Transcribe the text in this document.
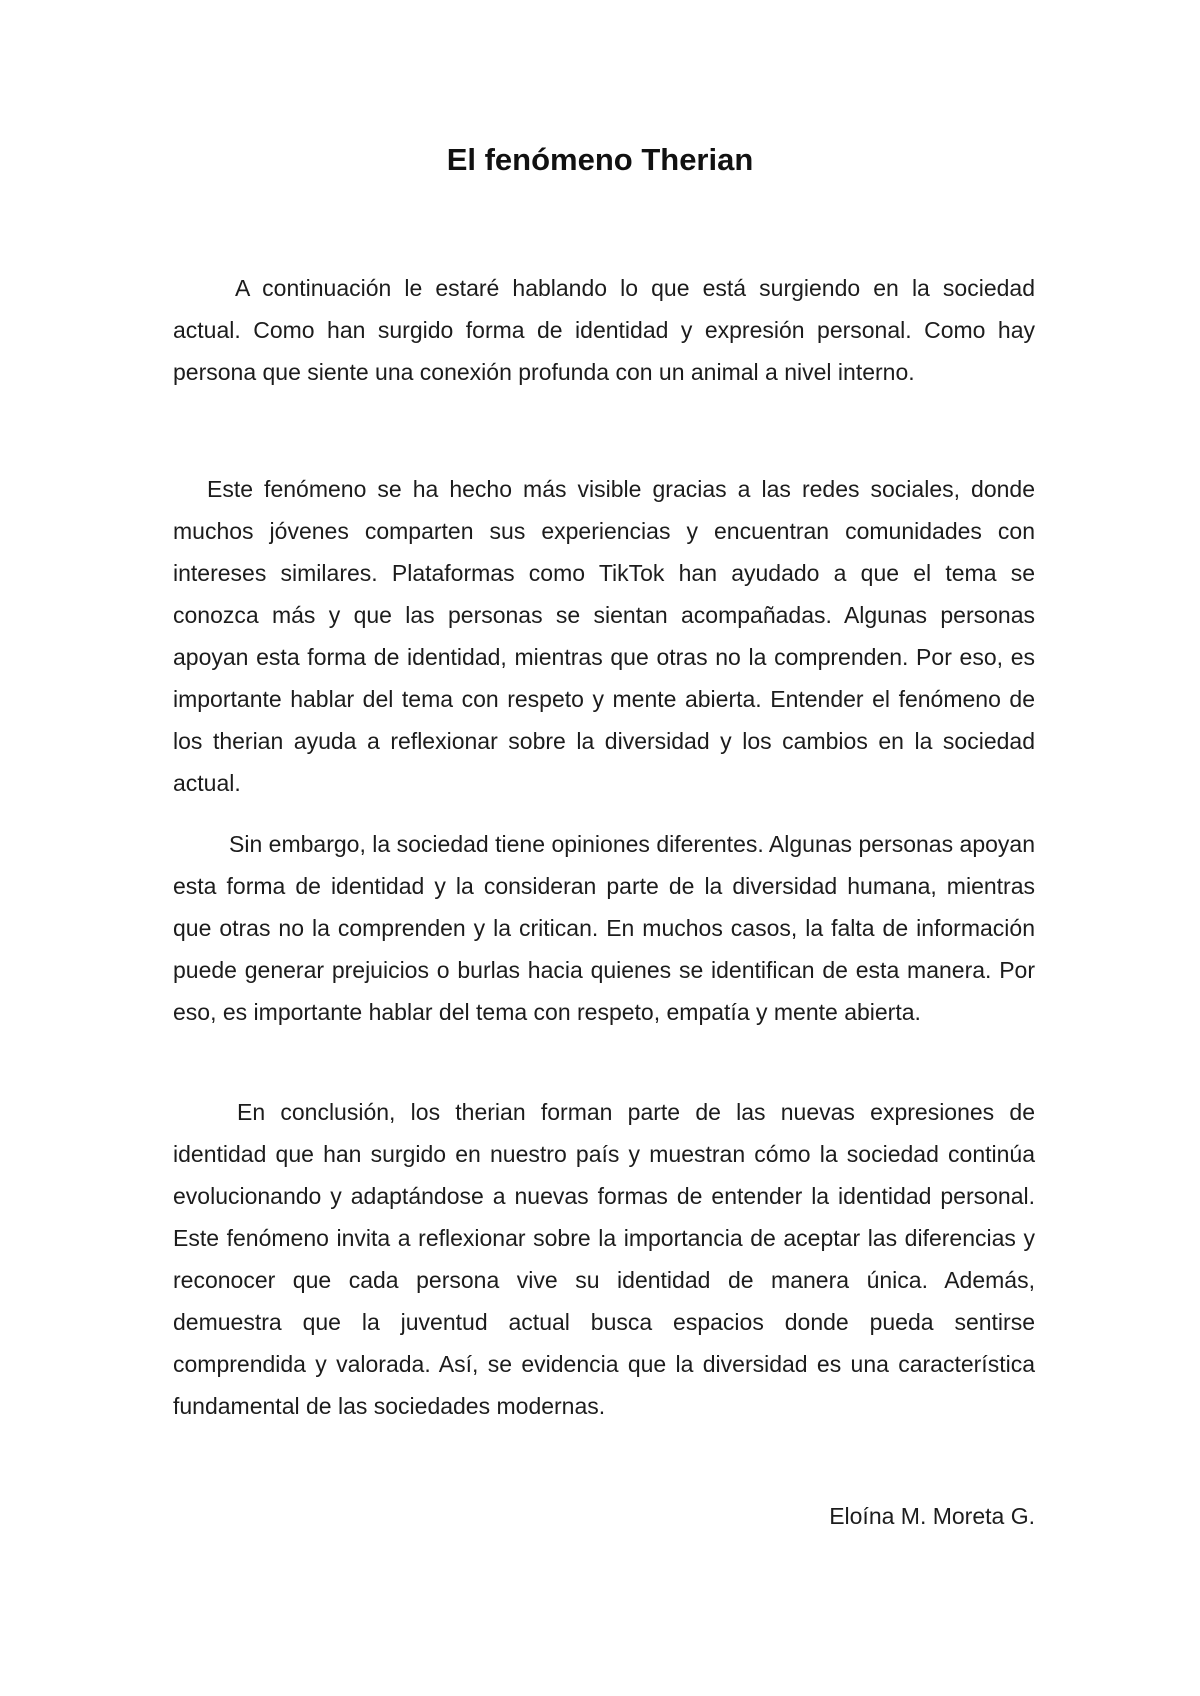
El fenómeno Therian

A continuación le estaré hablando lo que está surgiendo en la sociedad actual. Como han surgido forma de identidad y expresión personal. Como hay persona que siente una conexión profunda con un animal a nivel interno.

Este fenómeno se ha hecho más visible gracias a las redes sociales, donde muchos jóvenes comparten sus experiencias y encuentran comunidades con intereses similares. Plataformas como TikTok han ayudado a que el tema se conozca más y que las personas se sientan acompañadas. Algunas personas apoyan esta forma de identidad, mientras que otras no la comprenden. Por eso, es importante hablar del tema con respeto y mente abierta. Entender el fenómeno de los therian ayuda a reflexionar sobre la diversidad y los cambios en la sociedad actual.

Sin embargo, la sociedad tiene opiniones diferentes. Algunas personas apoyan esta forma de identidad y la consideran parte de la diversidad humana, mientras que otras no la comprenden y la critican. En muchos casos, la falta de información puede generar prejuicios o burlas hacia quienes se identifican de esta manera. Por eso, es importante hablar del tema con respeto, empatía y mente abierta.

En conclusión, los therian forman parte de las nuevas expresiones de identidad que han surgido en nuestro país y muestran cómo la sociedad continúa evolucionando y adaptándose a nuevas formas de entender la identidad personal. Este fenómeno invita a reflexionar sobre la importancia de aceptar las diferencias y reconocer que cada persona vive su identidad de manera única. Además, demuestra que la juventud actual busca espacios donde pueda sentirse comprendida y valorada. Así, se evidencia que la diversidad es una característica fundamental de las sociedades modernas.

Eloína M. Moreta G.
